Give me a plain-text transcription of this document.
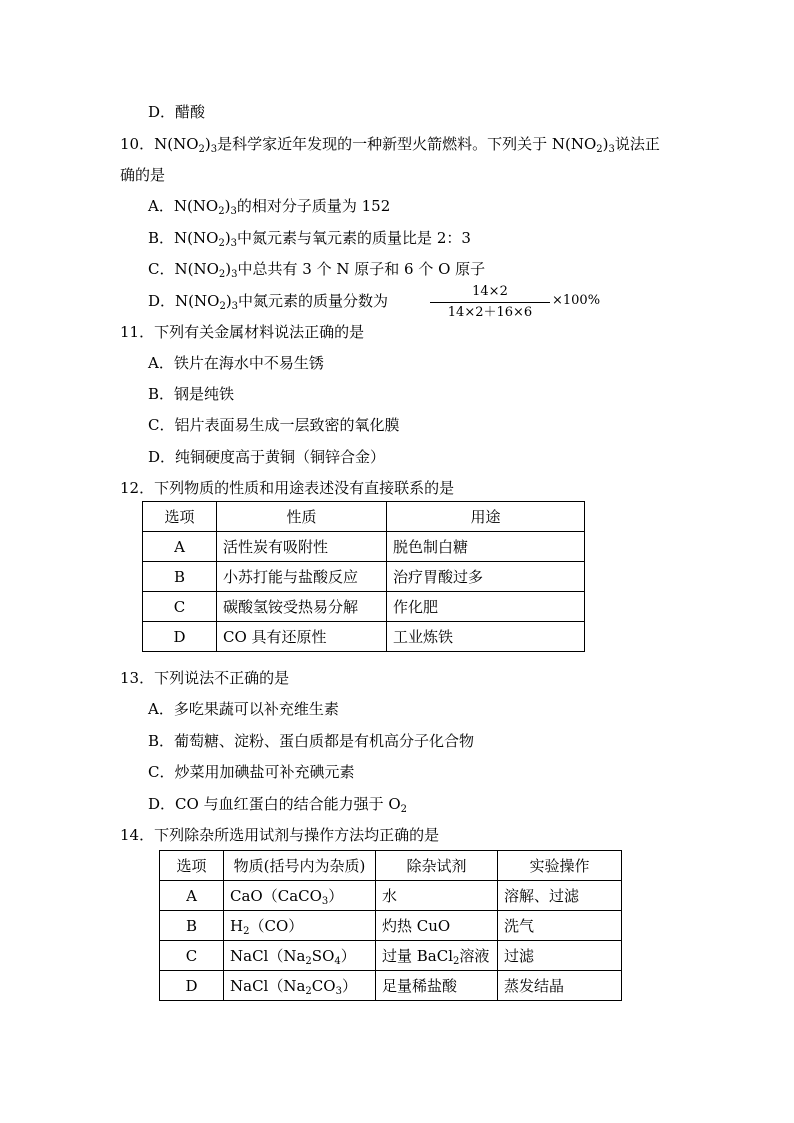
D．醋酸
10．$N(NO_2)_3$是科学家近年发现的一种新型火箭燃料。下列关于 $N(NO_2)_3$说法正
确的是
A．$N(NO_2)_3$的相对分子质量为 152
B．$N(NO_2)_3$中氮元素与氧元素的质量比是 2：3
C．$N(NO_2)_3$中总共有 3 个 N 原子和 6 个 O 原子
D．$N(NO_2)_3$中氮元素的质量分数为
14×2
14×2＋16×6
×100%
11．下列有关金属材料说法正确的是
A．铁片在海水中不易生锈
B．钢是纯铁
C．铝片表面易生成一层致密的氧化膜
D．纯铜硬度高于黄铜（铜锌合金）
12．下列物质的性质和用途表述没有直接联系的是
选项	性质	用途
A	活性炭有吸附性	脱色制白糖
B	小苏打能与盐酸反应	治疗胃酸过多
C	碳酸氢铵受热易分解	作化肥
D	CO 具有还原性	工业炼铁
13．下列说法不正确的是
A．多吃果蔬可以补充维生素
B．葡萄糖、淀粉、蛋白质都是有机高分子化合物
C．炒菜用加碘盐可补充碘元素
D．CO 与血红蛋白的结合能力强于 $O_2$
14．下列除杂所选用试剂与操作方法均正确的是
选项	物质(括号内为杂质)	除杂试剂	实验操作
A	CaO（CaCO$_3$）	水	溶解、过滤
B	$H_2(CO)$	灼热 CuO	洗气
C	$NaCl(Na_2SO_4)$	过量 BaCl$_2$溶液	过滤
D	$NaCl(Na_2CO_3)$	足量稀盐酸	蒸发结晶
